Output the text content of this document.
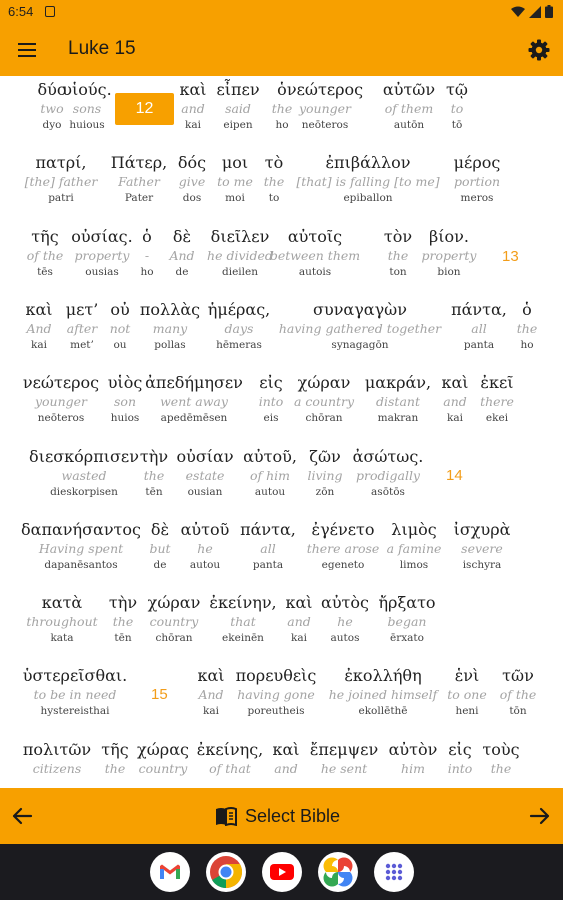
6:54
Luke 15
12
13
14
15
δύο
two
dyo
υἱούς.
sons
huious
καὶ
and
kai
εἶπεν
said
eipen
ὁ
the
ho
νεώτερος
younger
neōteros
αὐτῶν
of them
autōn
τῷ
to
tō
πατρί,
[the] father
patri
Πάτερ,
Father
Pater
δός
give
dos
μοι
to me
moi
τὸ
the
to
ἐπιβάλλον
[that] is falling [to me]
epiballon
μέρος
portion
meros
τῆς
of the
tēs
οὐσίας.
property
ousias
ὁ
-
ho
δὲ
And
de
διεῖλεν
he divided
dieilen
αὐτοῖς
between them
autois
τὸν
the
ton
βίον.
property
bion
καὶ
And
kai
μετ’
after
met’
οὐ
not
ou
πολλὰς
many
pollas
ἡμέρας,
days
hēmeras
συναγαγὼν
having gathered together
synagagōn
πάντα,
all
panta
ὁ
the
ho
νεώτερος
younger
neōteros
υἱὸς
son
huios
ἀπεδήμησεν
went away
apedēmēsen
εἰς
into
eis
χώραν
a country
chōran
μακράν,
distant
makran
καὶ
and
kai
ἐκεῖ
there
ekei
διεσκόρπισεν
wasted
dieskorpisen
τὴν
the
tēn
οὐσίαν
estate
ousian
αὐτοῦ,
of him
autou
ζῶν
living
zōn
ἀσώτως.
prodigally
asōtōs
δαπανήσαντος
Having spent
dapanēsantos
δὲ
but
de
αὐτοῦ
he
autou
πάντα,
all
panta
ἐγένετο
there arose
egeneto
λιμὸς
a famine
limos
ἰσχυρὰ
severe
ischyra
κατὰ
throughout
kata
τὴν
the
tēn
χώραν
country
chōran
ἐκείνην,
that
ekeinēn
καὶ
and
kai
αὐτὸς
he
autos
ἤρξατο
began
ērxato
ὑστερεῖσθαι.
to be in need
hystereisthai
καὶ
And
kai
πορευθεὶς
having gone
poreutheis
ἐκολλήθη
he joined himself
ekollēthē
ἑνὶ
to one
heni
τῶν
of the
tōn
πολιτῶν
citizens
τῆς
the
χώρας
country
ἐκείνης,
of that
καὶ
and
ἔπεμψεν
he sent
αὐτὸν
him
εἰς
into
τοὺς
the
Select Bible
